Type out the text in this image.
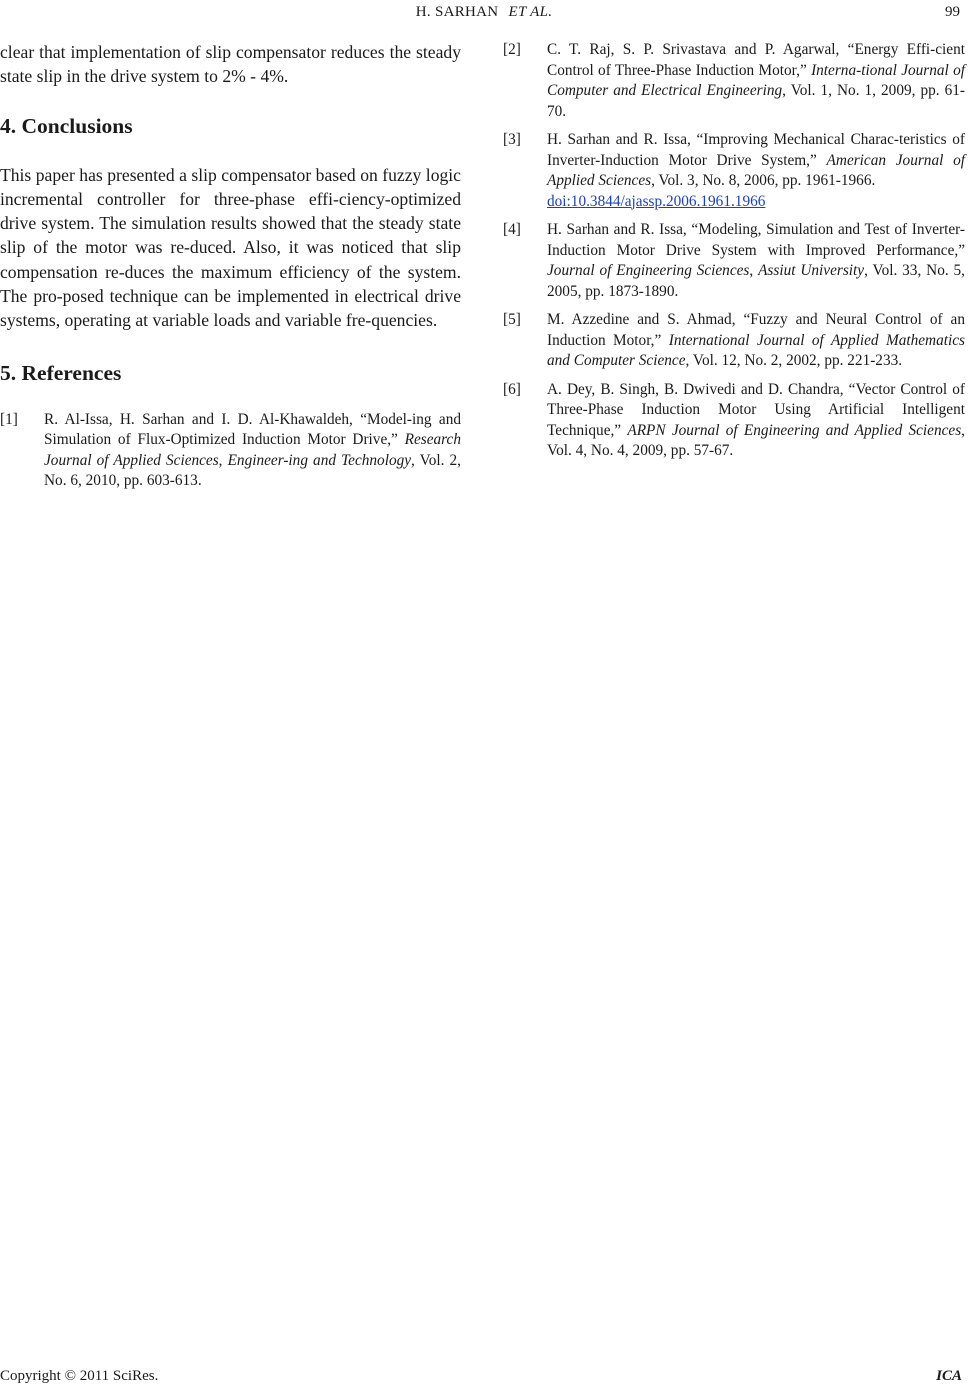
H. SARHAN ET AL.	99

clear that implementation of slip compensator reduces the steady state slip in the drive system to 2% - 4%.

4. Conclusions

This paper has presented a slip compensator based on fuzzy logic incremental controller for three-phase effi-ciency-optimized drive system. The simulation results showed that the steady state slip of the motor was re-duced. Also, it was noticed that slip compensation re-duces the maximum efficiency of the system. The pro-posed technique can be implemented in electrical drive systems, operating at variable loads and variable fre-quencies.

5. References
[1] R. Al-Issa, H. Sarhan and I. D. Al-Khawaldeh, “Model-ing and Simulation of Flux-Optimized Induction Motor Drive,” Research Journal of Applied Sciences, Engineer-ing and Technology, Vol. 2, No. 6, 2010, pp. 603-613.
[2] C. T. Raj, S. P. Srivastava and P. Agarwal, “Energy Effi-cient Control of Three-Phase Induction Motor,” Interna-tional Journal of Computer and Electrical Engineering, Vol. 1, No. 1, 2009, pp. 61-70.
[3] H. Sarhan and R. Issa, “Improving Mechanical Charac-teristics of Inverter-Induction Motor Drive System,” American Journal of Applied Sciences, Vol. 3, No. 8, 2006, pp. 1961-1966.
doi:10.3844/ajassp.2006.1961.1966
[4] H. Sarhan and R. Issa, “Modeling, Simulation and Test of Inverter-Induction Motor Drive System with Improved Performance,” Journal of Engineering Sciences, Assiut University, Vol. 33, No. 5, 2005, pp. 1873-1890.
[5] M. Azzedine and S. Ahmad, “Fuzzy and Neural Control of an Induction Motor,” International Journal of Applied Mathematics and Computer Science, Vol. 12, No. 2, 2002, pp. 221-233.
[6] A. Dey, B. Singh, B. Dwivedi and D. Chandra, “Vector Control of Three-Phase Induction Motor Using Artificial Intelligent Technique,” ARPN Journal of Engineering and Applied Sciences, Vol. 4, No. 4, 2009, pp. 57-67.
Copyright © 2011 SciRes.	ICA
